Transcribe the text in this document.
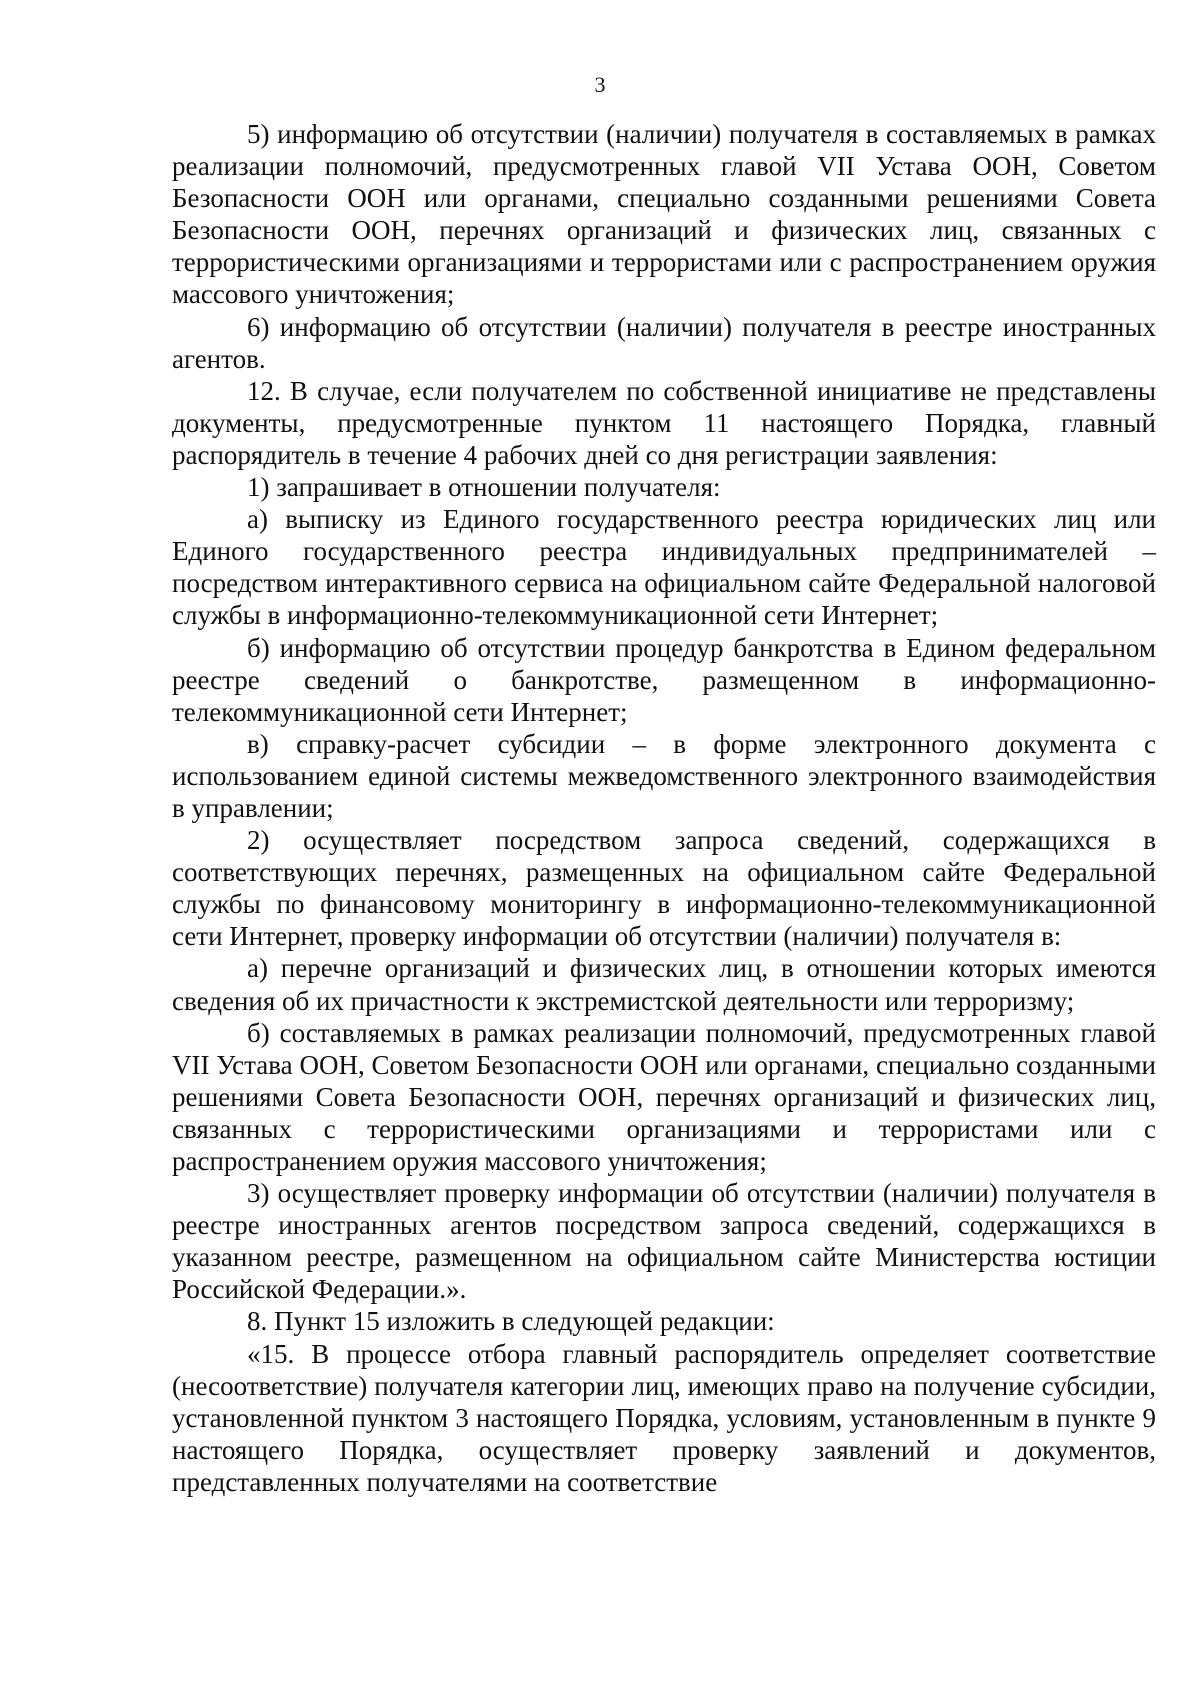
3

5) информацию об отсутствии (наличии) получателя в составляемых в рамках реализации полномочий, предусмотренных главой VII Устава ООН, Советом Безопасности ООН или органами, специально созданными решениями Совета Безопасности ООН, перечнях организаций и физических лиц, связанных с террористическими организациями и террористами или с распространением оружия массового уничтожения;

6) информацию об отсутствии (наличии) получателя в реестре иностранных агентов.

12. В случае, если получателем по собственной инициативе не представлены документы, предусмотренные пунктом 11 настоящего Порядка, главный распорядитель в течение 4 рабочих дней со дня регистрации заявления:

1) запрашивает в отношении получателя:

а) выписку из Единого государственного реестра юридических лиц или Единого государственного реестра индивидуальных предпринимателей – посредством интерактивного сервиса на официальном сайте Федеральной налоговой службы в информационно-телекоммуникационной сети Интернет;

б) информацию об отсутствии процедур банкротства в Едином федеральном реестре сведений о банкротстве, размещенном в информационно-телекоммуникационной сети Интернет;

в) справку-расчет субсидии – в форме электронного документа с использованием единой системы межведомственного электронного взаимодействия в управлении;

2) осуществляет посредством запроса сведений, содержащихся в соответствующих перечнях, размещенных на официальном сайте Федеральной службы по финансовому мониторингу в информационно-телекоммуникационной сети Интернет, проверку информации об отсутствии (наличии) получателя в:

а) перечне организаций и физических лиц, в отношении которых имеются сведения об их причастности к экстремистской деятельности или терроризму;

б) составляемых в рамках реализации полномочий, предусмотренных главой VII Устава ООН, Советом Безопасности ООН или органами, специально созданными решениями Совета Безопасности ООН, перечнях организаций и физических лиц, связанных с террористическими организациями и террористами или с распространением оружия массового уничтожения;

3) осуществляет проверку информации об отсутствии (наличии) получателя в реестре иностранных агентов посредством запроса сведений, содержащихся в указанном реестре, размещенном на официальном сайте Министерства юстиции Российской Федерации.».

8. Пункт 15 изложить в следующей редакции:

«15. В процессе отбора главный распорядитель определяет соответствие (несоответствие) получателя категории лиц, имеющих право на получение субсидии, установленной пунктом 3 настоящего Порядка, условиям, установленным в пункте 9 настоящего Порядка, осуществляет проверку заявлений и документов, представленных получателями на соответствие
